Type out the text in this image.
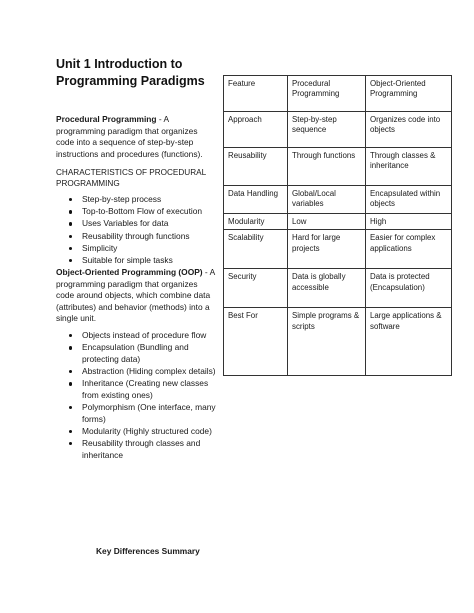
Unit 1 Introduction to
Programming Paradigms
Procedural Programming - A programming paradigm that organizes code into a sequence of step-by-step instructions and procedures (functions).
CHARACTERISTICS OF PROCEDURAL PROGRAMMING
Step-by-step process
Top-to-Bottom Flow of execution
Uses Variables for data
Reusability through functions
Simplicity
Suitable for simple tasks
Object-Oriented Programming (OOP) - A programming paradigm that organizes code around objects, which combine data (attributes) and behavior (methods) into a single unit.
Objects instead of procedure flow
Encapsulation (Bundling and protecting data)
Abstraction (Hiding complex details)
Inheritance (Creating new classes from existing ones)
Polymorphism (One interface, many forms)
Modularity (Highly structured code)
Reusability through classes and inheritance
Feature	Procedural Programming	Object-Oriented Programming
Approach	Step-by-step sequence	Organizes code into objects
Reusability	Through functions	Through classes & inheritance
Data Handling	Global/Local variables	Encapsulated within objects
Modularity	Low	High
Scalability	Hard for large projects	Easier for complex applications
Security	Data is globally accessible	Data is protected (Encapsulation)
Best For	Simple programs & scripts	Large applications & software
Key Differences Summary
